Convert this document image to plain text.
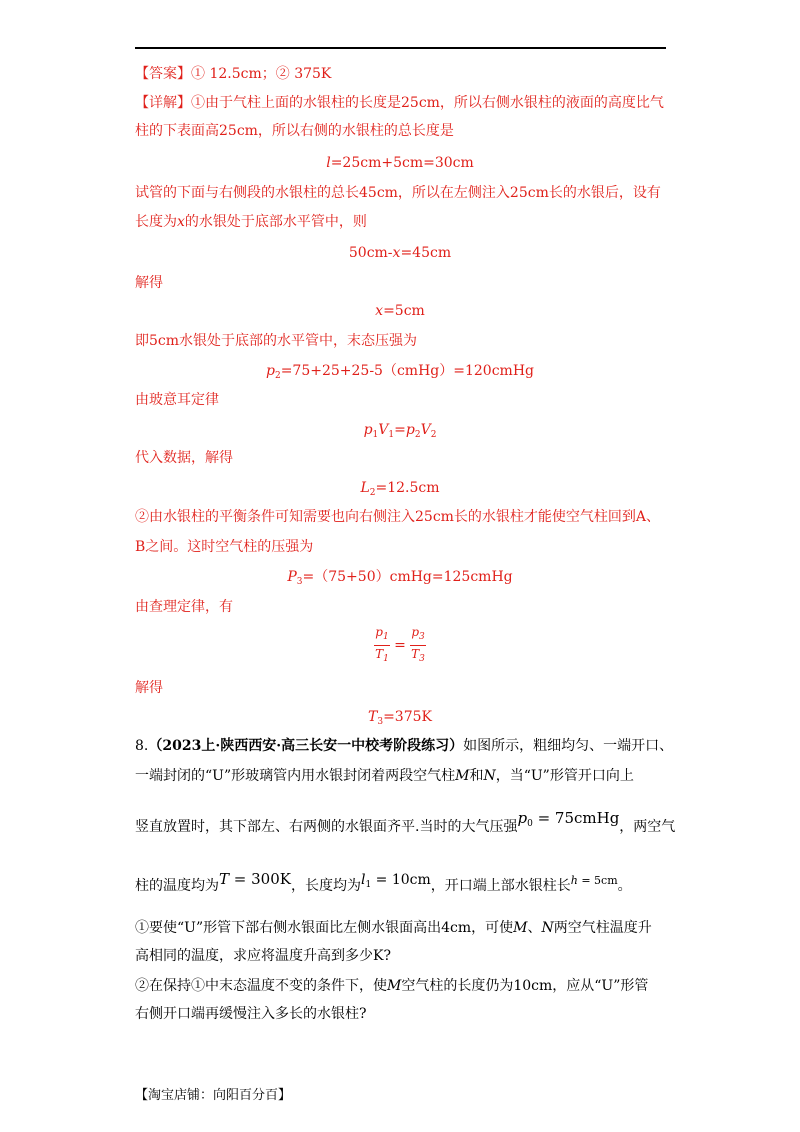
【答案】① 12.5cm；② 375K
【详解】①由于气柱上面的水银柱的长度是25cm，所以右侧水银柱的液面的高度比气
柱的下表面高25cm，所以右侧的水银柱的总长度是
l=25cm+5cm=30cm
试管的下面与右侧段的水银柱的总长45cm，所以在左侧注入25cm长的水银后，设有
长度为x的水银处于底部水平管中，则
50cm-x=45cm
解得
x=5cm
即5cm水银处于底部的水平管中，末态压强为
$p_2=75+25+25-5(cmHg)=120cmHg$
由玻意耳定律
$p_1V_1=p_2V_2$
代入数据，解得
$L_2=12.5cm$
②由水银柱的平衡条件可知需要也向右侧注入25cm长的水银柱才能使空气柱回到A、
B之间。这时空气柱的压强为
$P_3=(75+50)cmHg=125cmHg$
由查理定律，有
$\frac{p_1}{T_1} = \frac{p_3}{T_3}$
解得
$T_3=375K$
8.（2023上·陕西西安·高三长安一中校考阶段练习）如图所示，粗细均匀、一端开口、
一端封闭的“U”形玻璃管内用水银封闭着两段空气柱M和N，当“U”形管开口向上
竖直放置时，其下部左、右两侧的水银面齐平.当时的大气压强$p_0$ = 75cmHg，两空气
柱的温度均为T = 300K，长度均为$l_1 = 10cm$，开口端上部水银柱长$^{h = 5cm}$。
①要使“U”形管下部右侧水银面比左侧水银面高出4cm，可使M、N两空气柱温度升
高相同的温度，求应将温度升高到多少K?
②在保持①中末态温度不变的条件下，使M空气柱的长度仍为10cm，应从“U”形管
右侧开口端再缓慢注入多长的水银柱?
【淘宝店铺：向阳百分百】
